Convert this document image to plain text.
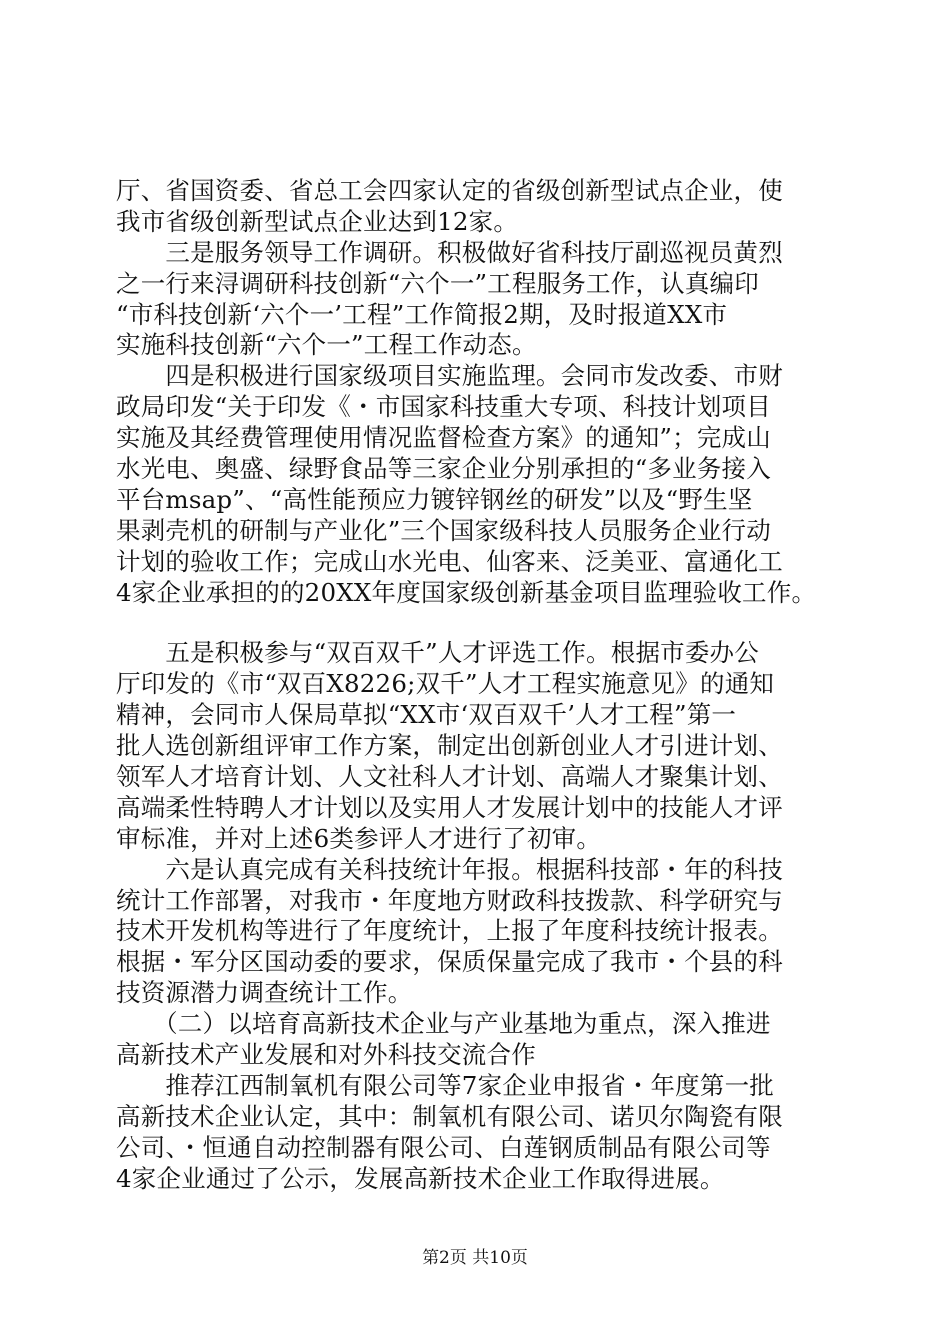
厅、省国资委、省总工会四家认定的省级创新型试点企业，使
我市省级创新型试点企业达到12家。
　　三是服务领导工作调研。积极做好省科技厅副巡视员黄烈
之一行来浔调研科技创新“六个一”工程服务工作，认真编印
“市科技创新‘六个一’工程”工作简报2期，及时报道XX市
实施科技创新“六个一”工程工作动态。
　　四是积极进行国家级项目实施监理。会同市发改委、市财
政局印发“关于印发《・市国家科技重大专项、科技计划项目
实施及其经费管理使用情况监督检查方案》的通知”；完成山
水光电、奥盛、绿野食品等三家企业分别承担的“多业务接入
平台msap”、“高性能预应力镀锌钢丝的研发”以及“野生坚
果剥壳机的研制与产业化”三个国家级科技人员服务企业行动
计划的验收工作；完成山水光电、仙客来、泛美亚、富通化工
4家企业承担的的20XX年度国家级创新基金项目监理验收工作。
　　五是积极参与“双百双千”人才评选工作。根据市委办公
厅印发的《市“双百X8226;双千”人才工程实施意见》的通知
精神，会同市人保局草拟“XX市‘双百双千’人才工程”第一
批人选创新组评审工作方案，制定出创新创业人才引进计划、
领军人才培育计划、人文社科人才计划、高端人才聚集计划、
高端柔性特聘人才计划以及实用人才发展计划中的技能人才评
审标准，并对上述6类参评人才进行了初审。
　　六是认真完成有关科技统计年报。根据科技部・年的科技
统计工作部署，对我市・年度地方财政科技拨款、科学研究与
技术开发机构等进行了年度统计，上报了年度科技统计报表。
根据・军分区国动委的要求，保质保量完成了我市・个县的科
技资源潜力调查统计工作。
　　（二）以培育高新技术企业与产业基地为重点，深入推进
高新技术产业发展和对外科技交流合作
　　推荐江西制氧机有限公司等7家企业申报省・年度第一批
高新技术企业认定，其中：制氧机有限公司、诺贝尔陶瓷有限
公司、・恒通自动控制器有限公司、白莲钢质制品有限公司等
4家企业通过了公示，发展高新技术企业工作取得进展。
第2页 共10页
